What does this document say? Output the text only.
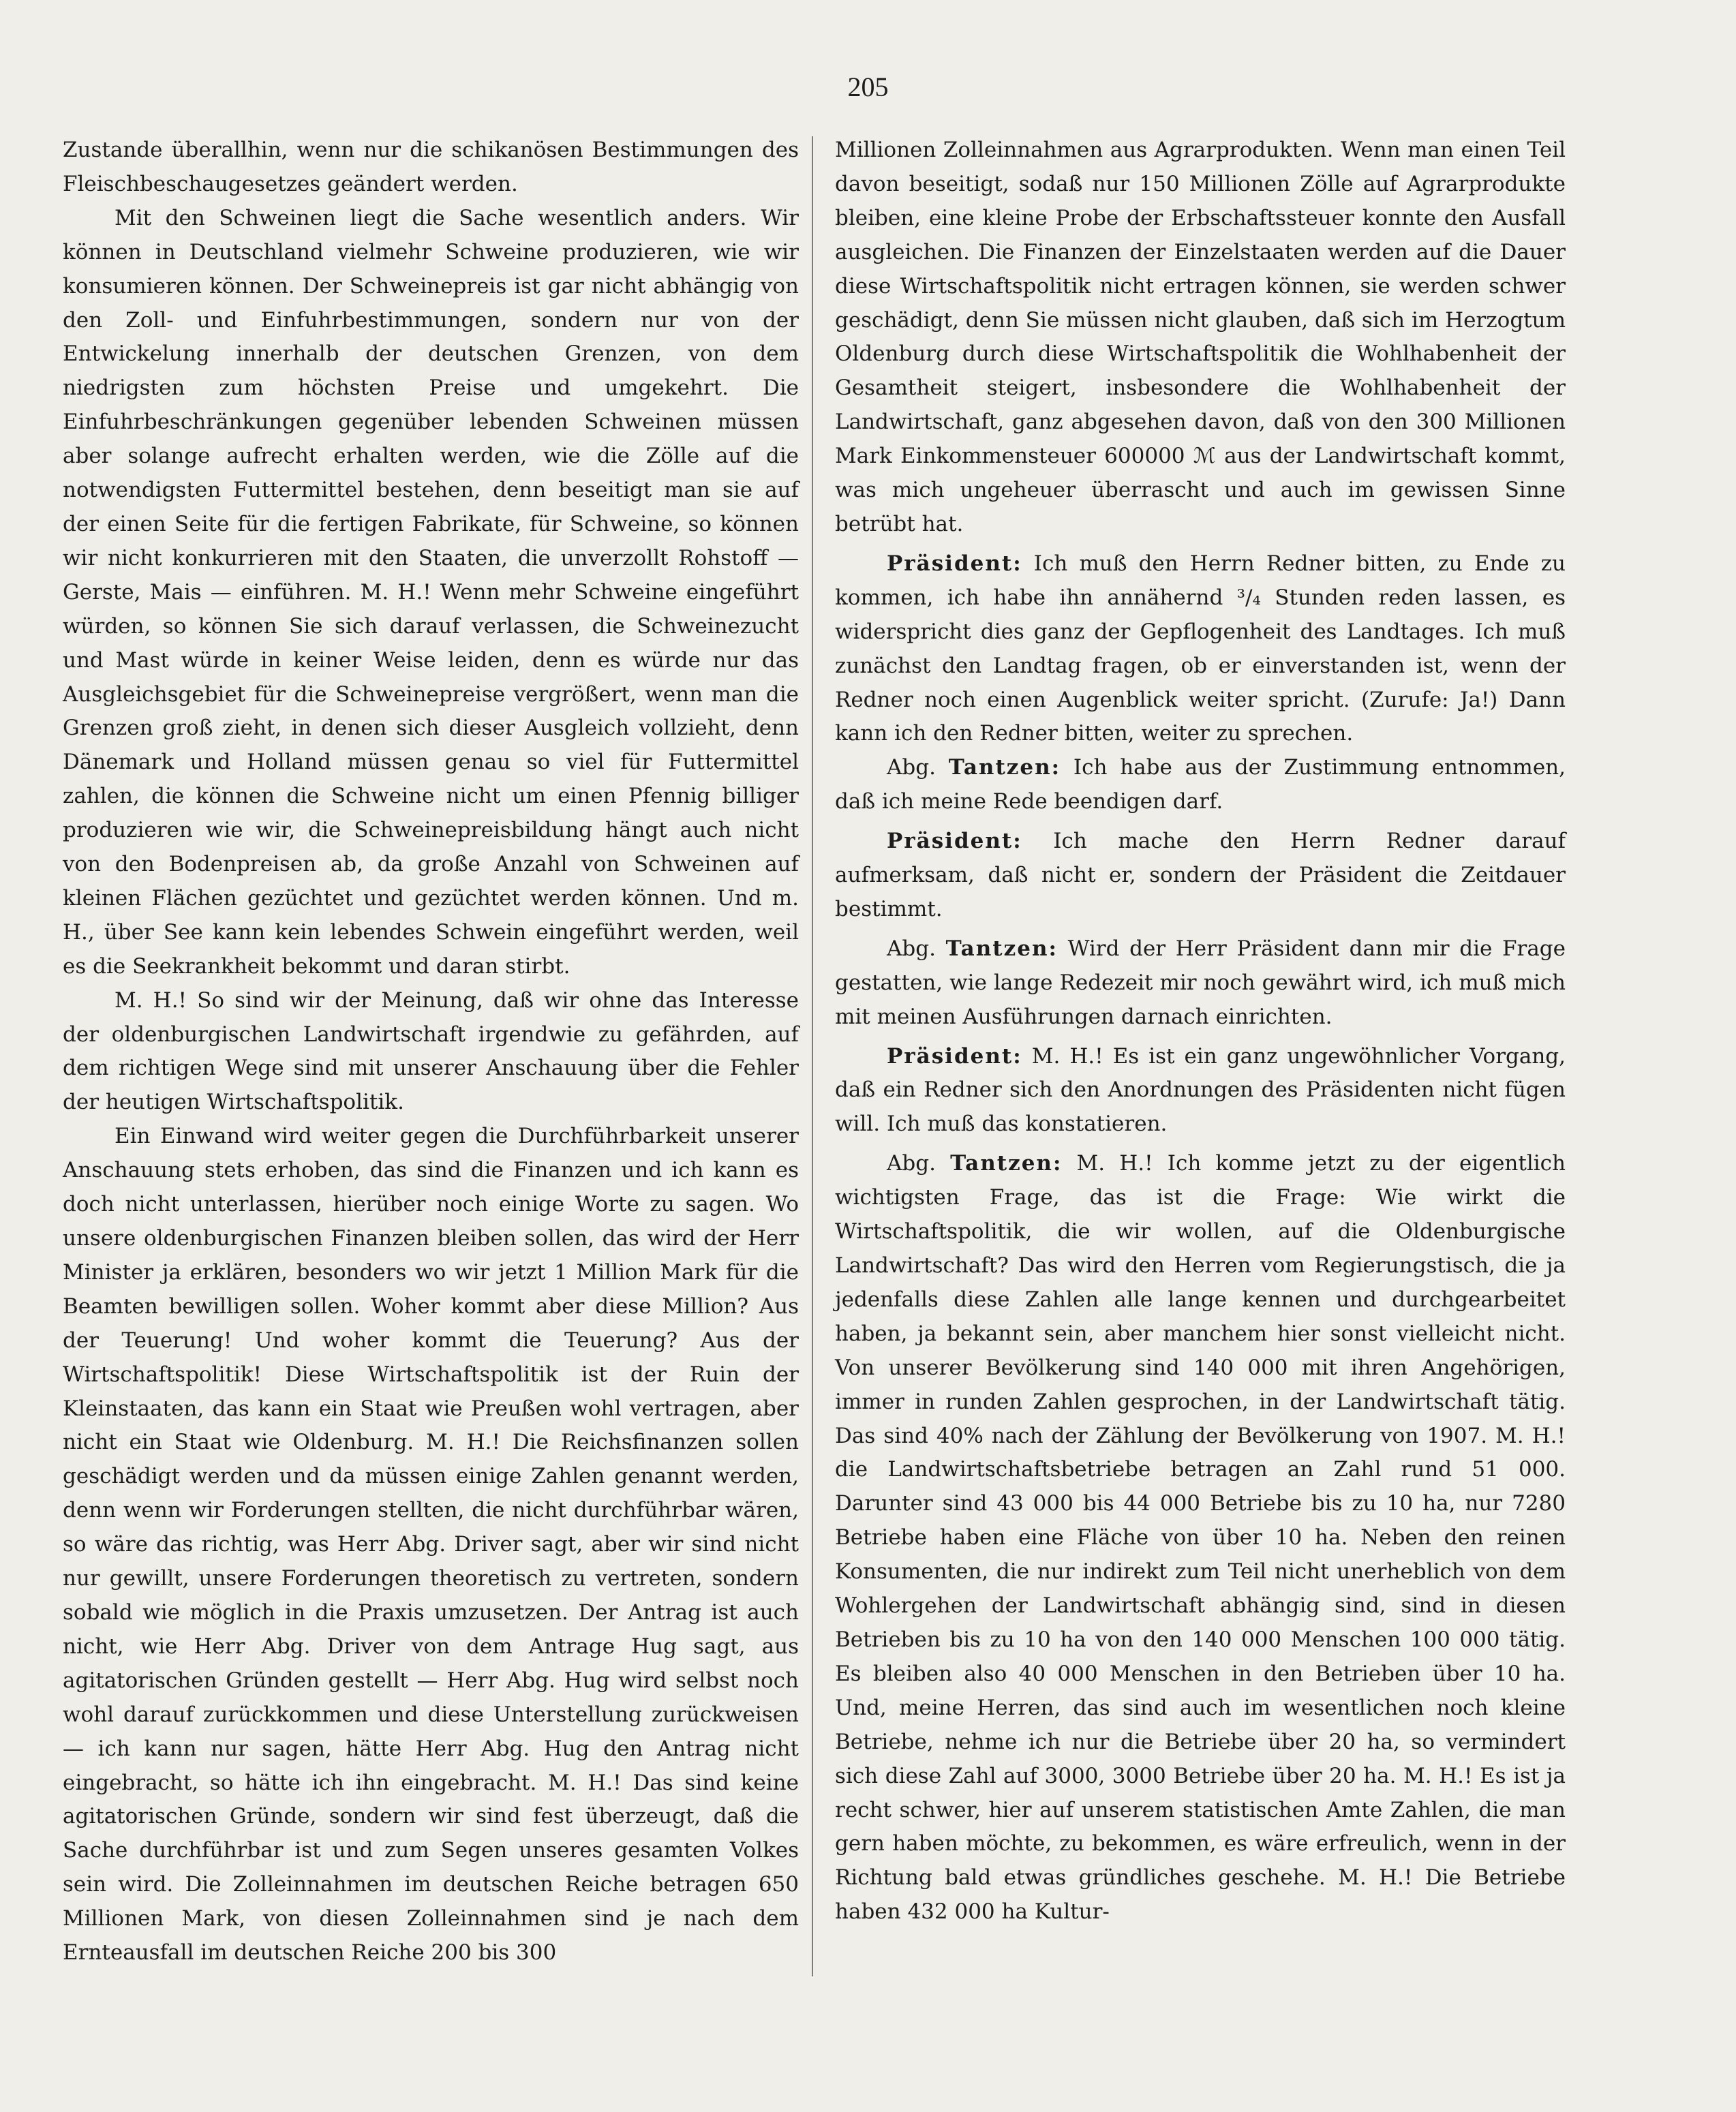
205

Zustande überallhin, wenn nur die schikanösen Bestimmungen des Fleischbeschaugesetzes geändert werden.

Mit den Schweinen liegt die Sache wesentlich anders. Wir können in Deutschland vielmehr Schweine produzieren, wie wir konsumieren können. Der Schweinepreis ist gar nicht abhängig von den Zoll- und Einfuhrbestimmungen, sondern nur von der Entwickelung innerhalb der deutschen Grenzen, von dem niedrigsten zum höchsten Preise und umgekehrt. Die Einfuhrbeschränkungen gegenüber lebenden Schweinen müssen aber solange aufrecht erhalten werden, wie die Zölle auf die notwendigsten Futtermittel bestehen, denn beseitigt man sie auf der einen Seite für die fertigen Fabrikate, für Schweine, so können wir nicht konkurrieren mit den Staaten, die unverzollt Rohstoff — Gerste, Mais — einführen. M. H.! Wenn mehr Schweine eingeführt würden, so können Sie sich darauf verlassen, die Schweinezucht und Mast würde in keiner Weise leiden, denn es würde nur das Ausgleichsgebiet für die Schweinepreise vergrößert, wenn man die Grenzen groß zieht, in denen sich dieser Ausgleich vollzieht, denn Dänemark und Holland müssen genau so viel für Futtermittel zahlen, die können die Schweine nicht um einen Pfennig billiger produzieren wie wir, die Schweinepreisbildung hängt auch nicht von den Bodenpreisen ab, da große Anzahl von Schweinen auf kleinen Flächen gezüchtet und gezüchtet werden können. Und m. H., über See kann kein lebendes Schwein eingeführt werden, weil es die Seekrankheit bekommt und daran stirbt.

M. H.! So sind wir der Meinung, daß wir ohne das Interesse der oldenburgischen Landwirtschaft irgendwie zu gefährden, auf dem richtigen Wege sind mit unserer Anschauung über die Fehler der heutigen Wirtschaftspolitik.

Ein Einwand wird weiter gegen die Durchführbarkeit unserer Anschauung stets erhoben, das sind die Finanzen und ich kann es doch nicht unterlassen, hierüber noch einige Worte zu sagen. Wo unsere oldenburgischen Finanzen bleiben sollen, das wird der Herr Minister ja erklären, besonders wo wir jetzt 1 Million Mark für die Beamten bewilligen sollen. Woher kommt aber diese Million? Aus der Teuerung! Und woher kommt die Teuerung? Aus der Wirtschaftspolitik! Diese Wirtschaftspolitik ist der Ruin der Kleinstaaten, das kann ein Staat wie Preußen wohl vertragen, aber nicht ein Staat wie Oldenburg. M. H.! Die Reichsfinanzen sollen geschädigt werden und da müssen einige Zahlen genannt werden, denn wenn wir Forderungen stellten, die nicht durchführbar wären, so wäre das richtig, was Herr Abg. Driver sagt, aber wir sind nicht nur gewillt, unsere Forderungen theoretisch zu vertreten, sondern sobald wie möglich in die Praxis umzusetzen. Der Antrag ist auch nicht, wie Herr Abg. Driver von dem Antrage Hug sagt, aus agitatorischen Gründen gestellt — Herr Abg. Hug wird selbst noch wohl darauf zurückkommen und diese Unterstellung zurückweisen — ich kann nur sagen, hätte Herr Abg. Hug den Antrag nicht eingebracht, so hätte ich ihn eingebracht. M. H.! Das sind keine agitatorischen Gründe, sondern wir sind fest überzeugt, daß die Sache durchführbar ist und zum Segen unseres gesamten Volkes sein wird. Die Zolleinnahmen im deutschen Reiche betragen 650 Millionen Mark, von diesen Zolleinnahmen sind je nach dem Ernteausfall im deutschen Reiche 200 bis 300

Millionen Zolleinnahmen aus Agrarprodukten. Wenn man einen Teil davon beseitigt, sodaß nur 150 Millionen Zölle auf Agrarprodukte bleiben, eine kleine Probe der Erbschaftssteuer konnte den Ausfall ausgleichen. Die Finanzen der Einzelstaaten werden auf die Dauer diese Wirtschaftspolitik nicht ertragen können, sie werden schwer geschädigt, denn Sie müssen nicht glauben, daß sich im Herzogtum Oldenburg durch diese Wirtschaftspolitik die Wohlhabenheit der Gesamtheit steigert, insbesondere die Wohlhabenheit der Landwirtschaft, ganz abgesehen davon, daß von den 300 Millionen Mark Einkommensteuer 600000 ℳ aus der Landwirtschaft kommt, was mich ungeheuer überrascht und auch im gewissen Sinne betrübt hat.

Präsident: Ich muß den Herrn Redner bitten, zu Ende zu kommen, ich habe ihn annähernd ³/₄ Stunden reden lassen, es widerspricht dies ganz der Gepflogenheit des Landtages. Ich muß zunächst den Landtag fragen, ob er einverstanden ist, wenn der Redner noch einen Augenblick weiter spricht. (Zurufe: Ja!) Dann kann ich den Redner bitten, weiter zu sprechen.

Abg. Tantzen: Ich habe aus der Zustimmung entnommen, daß ich meine Rede beendigen darf.

Präsident: Ich mache den Herrn Redner darauf aufmerksam, daß nicht er, sondern der Präsident die Zeitdauer bestimmt.

Abg. Tantzen: Wird der Herr Präsident dann mir die Frage gestatten, wie lange Redezeit mir noch gewährt wird, ich muß mich mit meinen Ausführungen darnach einrichten.

Präsident: M. H.! Es ist ein ganz ungewöhnlicher Vorgang, daß ein Redner sich den Anordnungen des Präsidenten nicht fügen will. Ich muß das konstatieren.

Abg. Tantzen: M. H.! Ich komme jetzt zu der eigentlich wichtigsten Frage, das ist die Frage: Wie wirkt die Wirtschaftspolitik, die wir wollen, auf die Oldenburgische Landwirtschaft? Das wird den Herren vom Regierungstisch, die ja jedenfalls diese Zahlen alle lange kennen und durchgearbeitet haben, ja bekannt sein, aber manchem hier sonst vielleicht nicht. Von unserer Bevölkerung sind 140 000 mit ihren Angehörigen, immer in runden Zahlen gesprochen, in der Landwirtschaft tätig. Das sind 40% nach der Zählung der Bevölkerung von 1907. M. H.! die Landwirtschaftsbetriebe betragen an Zahl rund 51 000. Darunter sind 43 000 bis 44 000 Betriebe bis zu 10 ha, nur 7280 Betriebe haben eine Fläche von über 10 ha. Neben den reinen Konsumenten, die nur indirekt zum Teil nicht unerheblich von dem Wohlergehen der Landwirtschaft abhängig sind, sind in diesen Betrieben bis zu 10 ha von den 140 000 Menschen 100 000 tätig. Es bleiben also 40 000 Menschen in den Betrieben über 10 ha. Und, meine Herren, das sind auch im wesentlichen noch kleine Betriebe, nehme ich nur die Betriebe über 20 ha, so vermindert sich diese Zahl auf 3000, 3000 Betriebe über 20 ha. M. H.! Es ist ja recht schwer, hier auf unserem statistischen Amte Zahlen, die man gern haben möchte, zu bekommen, es wäre erfreulich, wenn in der Richtung bald etwas gründliches geschehe. M. H.! Die Betriebe haben 432 000 ha Kultur-
